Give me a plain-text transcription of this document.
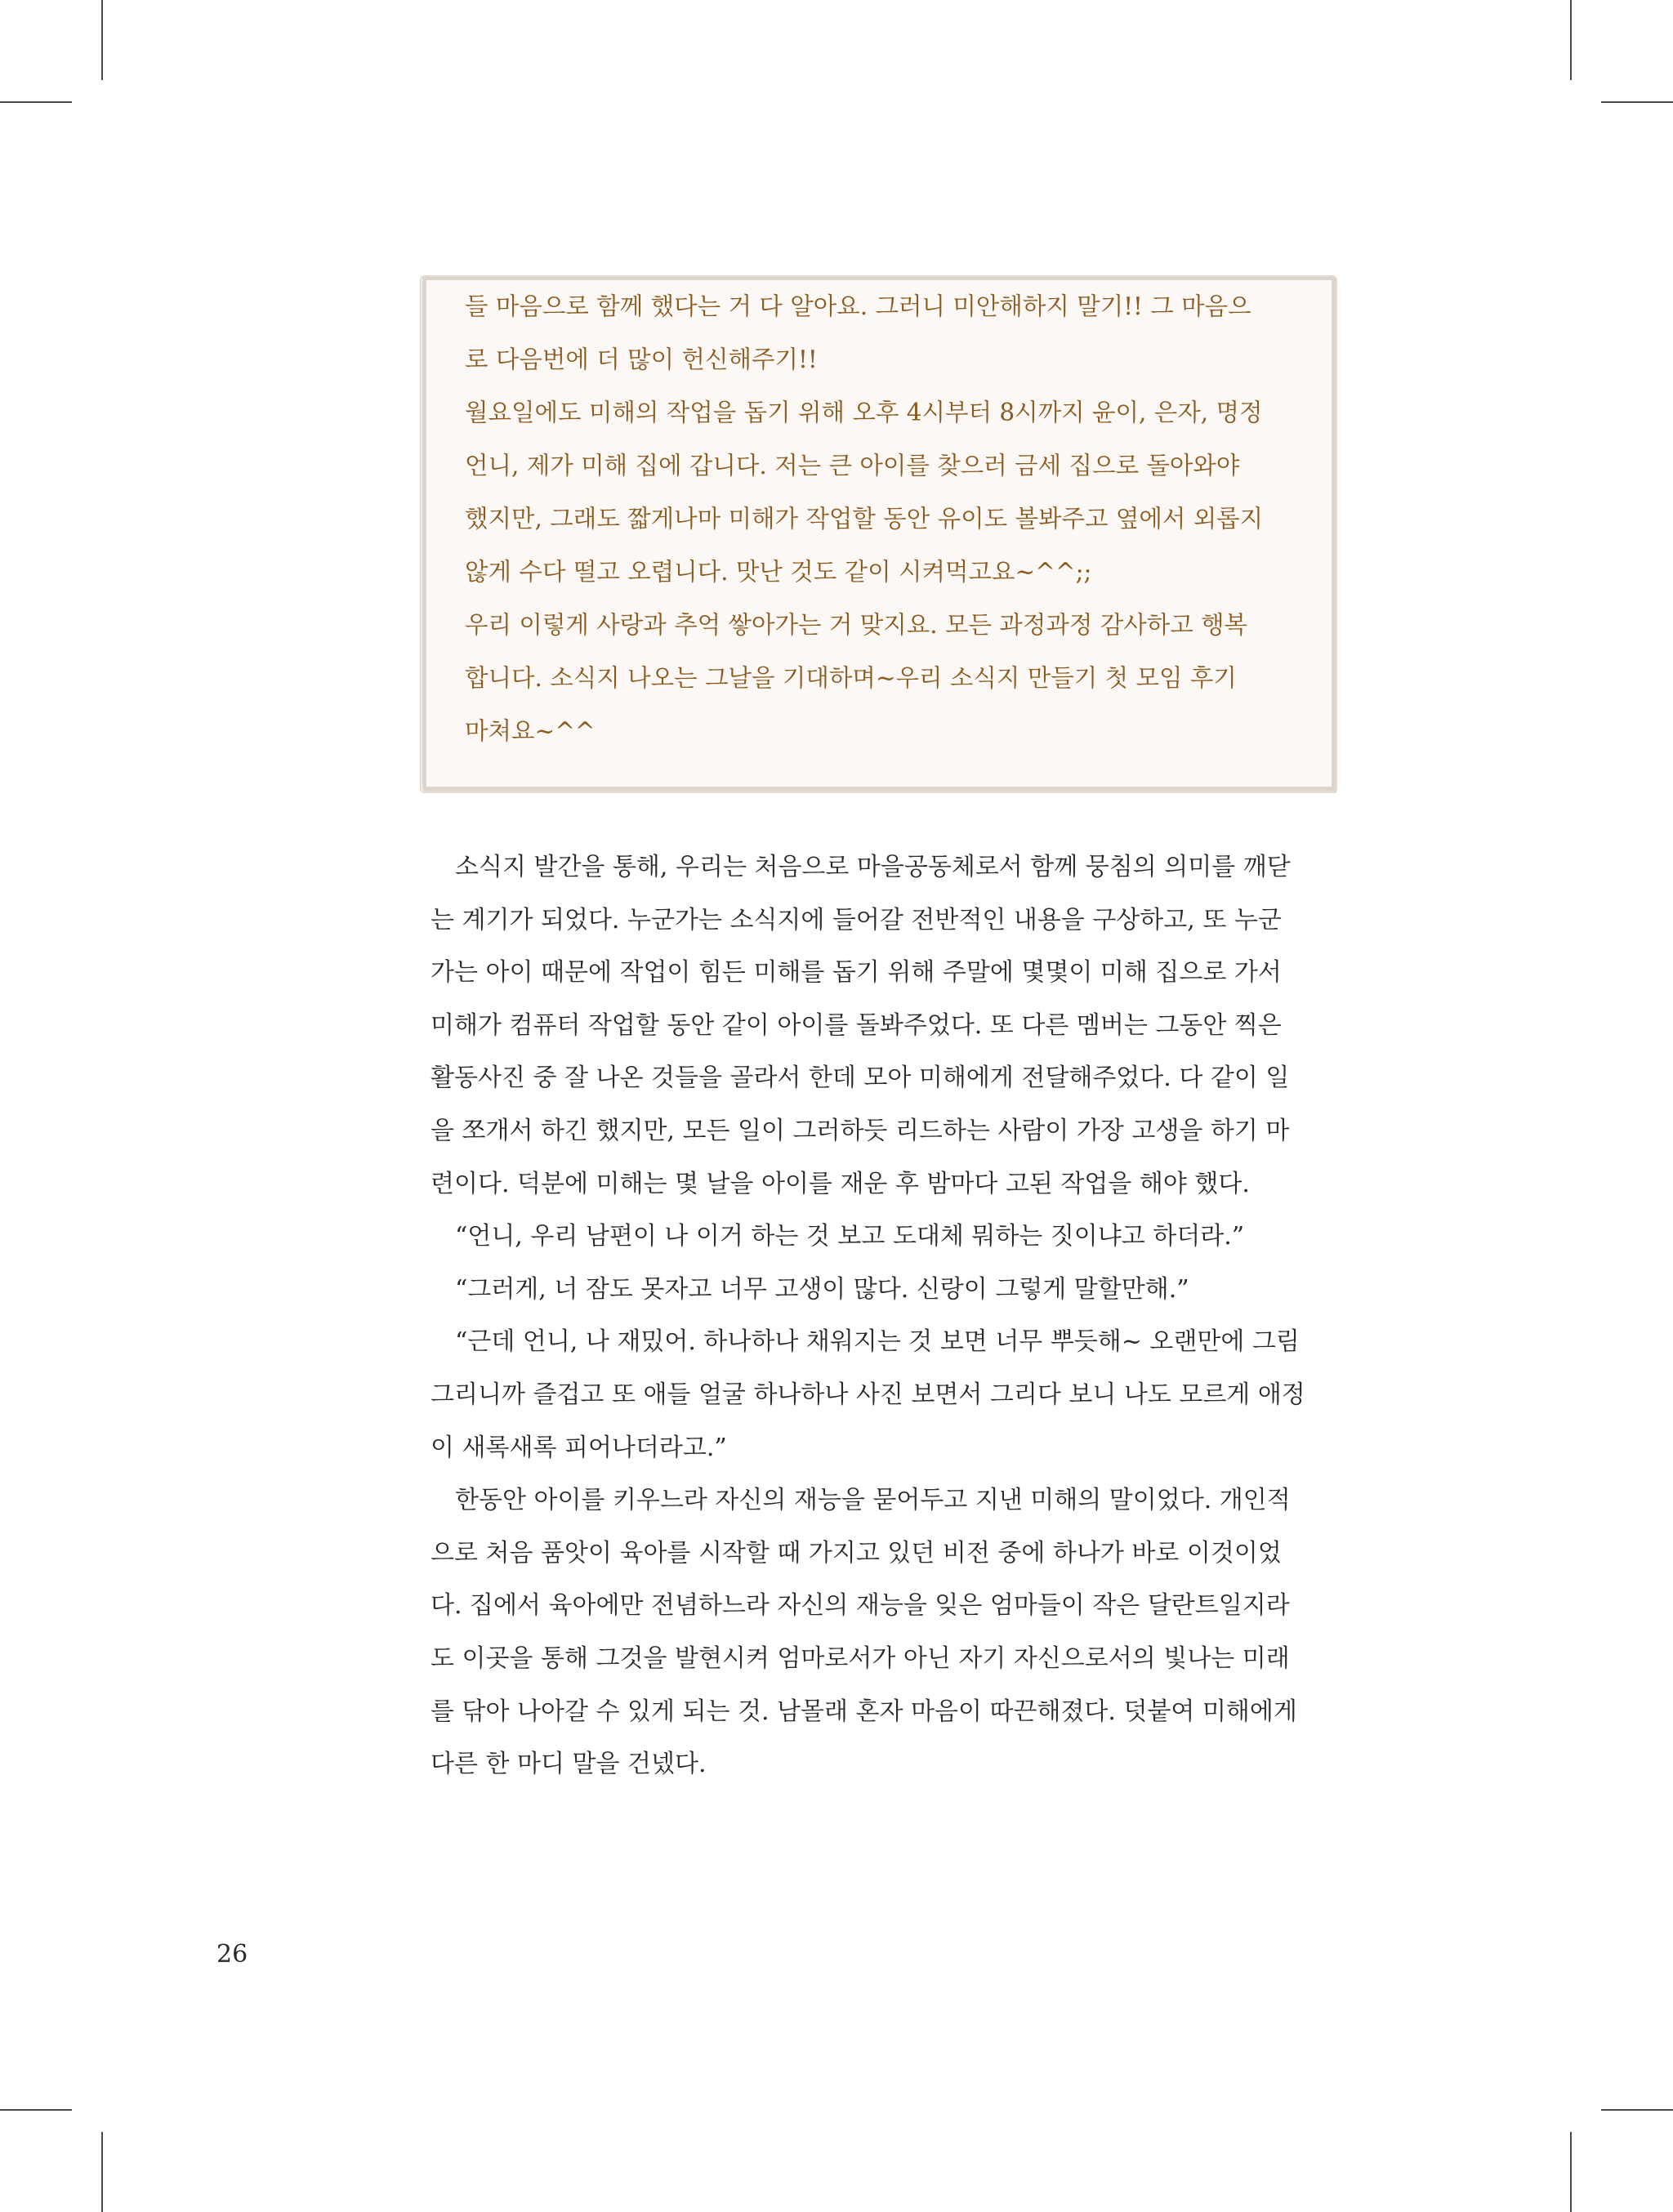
들 마음으로 함께 했다는 거 다 알아요. 그러니 미안해하지 말기!! 그 마음으
로 다음번에 더 많이 헌신해주기!!
월요일에도 미해의 작업을 돕기 위해 오후 4시부터 8시까지 윤이, 은자, 명정
언니, 제가 미해 집에 갑니다. 저는 큰 아이를 찾으러 금세 집으로 돌아와야
했지만, 그래도 짧게나마 미해가 작업할 동안 유이도 볼봐주고 옆에서 외롭지
않게 수다 떨고 오렵니다. 맛난 것도 같이 시켜먹고요~^^;;
우리 이렇게 사랑과 추억 쌓아가는 거 맞지요. 모든 과정과정 감사하고 행복
합니다. 소식지 나오는 그날을 기대하며~우리 소식지 만들기 첫 모임 후기
마쳐요~^^
　소식지 발간을 통해, 우리는 처음으로 마을공동체로서 함께 뭉침의 의미를 깨닫
는 계기가 되었다. 누군가는 소식지에 들어갈 전반적인 내용을 구상하고, 또 누군
가는 아이 때문에 작업이 힘든 미해를 돕기 위해 주말에 몇몇이 미해 집으로 가서
미해가 컴퓨터 작업할 동안 같이 아이를 돌봐주었다. 또 다른 멤버는 그동안 찍은
활동사진 중 잘 나온 것들을 골라서 한데 모아 미해에게 전달해주었다. 다 같이 일
을 쪼개서 하긴 했지만, 모든 일이 그러하듯 리드하는 사람이 가장 고생을 하기 마
련이다. 덕분에 미해는 몇 날을 아이를 재운 후 밤마다 고된 작업을 해야 했다.
　“언니, 우리 남편이 나 이거 하는 것 보고 도대체 뭐하는 짓이냐고 하더라.”
　“그러게, 너 잠도 못자고 너무 고생이 많다. 신랑이 그렇게 말할만해.”
　“근데 언니, 나 재밌어. 하나하나 채워지는 것 보면 너무 뿌듯해~ 오랜만에 그림
그리니까 즐겁고 또 애들 얼굴 하나하나 사진 보면서 그리다 보니 나도 모르게 애정
이 새록새록 피어나더라고.”
　한동안 아이를 키우느라 자신의 재능을 묻어두고 지낸 미해의 말이었다. 개인적
으로 처음 품앗이 육아를 시작할 때 가지고 있던 비전 중에 하나가 바로 이것이었
다. 집에서 육아에만 전념하느라 자신의 재능을 잊은 엄마들이 작은 달란트일지라
도 이곳을 통해 그것을 발현시켜 엄마로서가 아닌 자기 자신으로서의 빛나는 미래
를 닦아 나아갈 수 있게 되는 것. 남몰래 혼자 마음이 따끈해졌다. 덧붙여 미해에게
다른 한 마디 말을 건넸다.
26
